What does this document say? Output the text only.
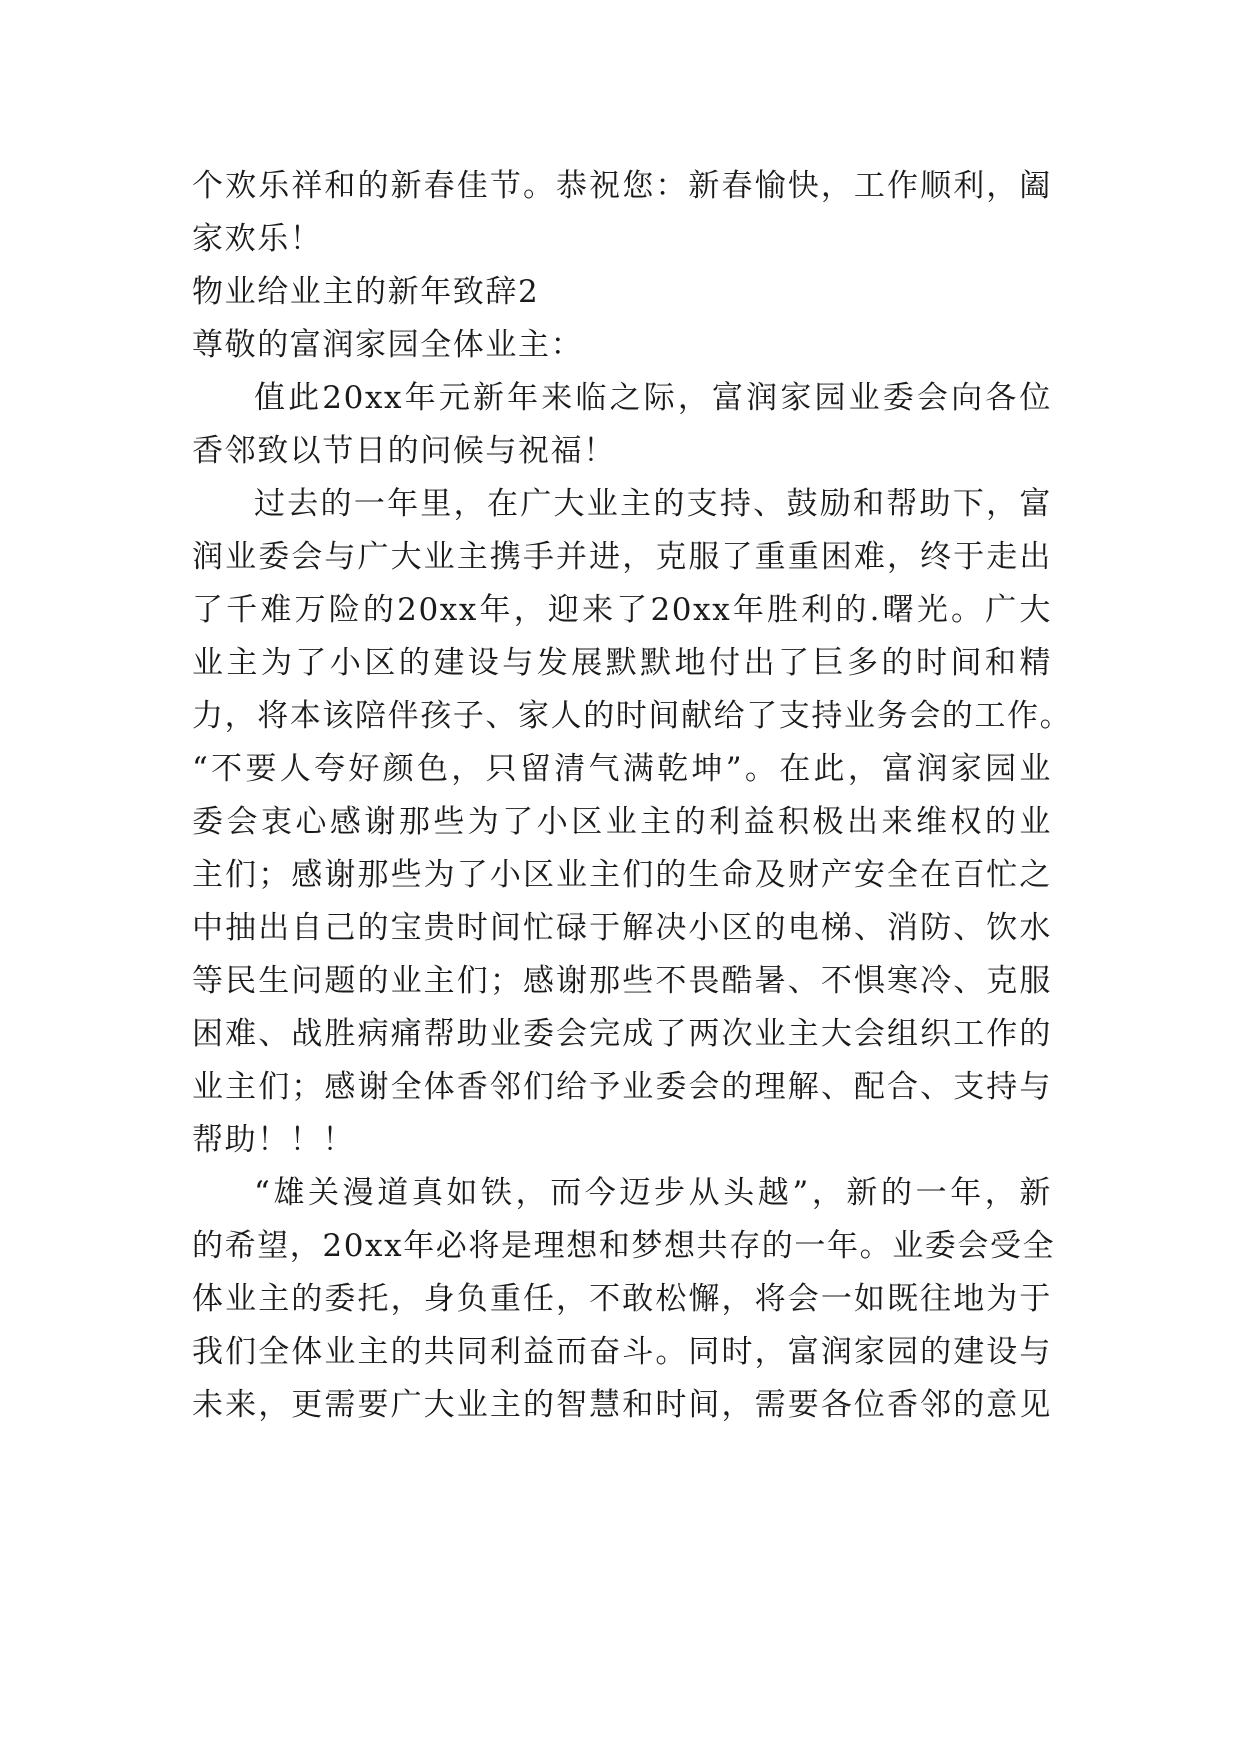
个欢乐祥和的新春佳节。恭祝您：新春愉快，工作顺利，阖
家欢乐！
物业给业主的新年致辞2
尊敬的富润家园全体业主：
值此20xx年元新年来临之际，富润家园业委会向各位
香邻致以节日的问候与祝福！
过去的一年里，在广大业主的支持、鼓励和帮助下，富
润业委会与广大业主携手并进，克服了重重困难，终于走出
了千难万险的20xx年，迎来了20xx年胜利的.曙光。广大
业主为了小区的建设与发展默默地付出了巨多的时间和精
力，将本该陪伴孩子、家人的时间献给了支持业务会的工作。
“不要人夸好颜色，只留清气满乾坤”。在此，富润家园业
委会衷心感谢那些为了小区业主的利益积极出来维权的业
主们；感谢那些为了小区业主们的生命及财产安全在百忙之
中抽出自己的宝贵时间忙碌于解决小区的电梯、消防、饮水
等民生问题的业主们；感谢那些不畏酷暑、不惧寒冷、克服
困难、战胜病痛帮助业委会完成了两次业主大会组织工作的
业主们；感谢全体香邻们给予业委会的理解、配合、支持与
帮助！！！
“雄关漫道真如铁，而今迈步从头越”，新的一年，新
的希望，20xx年必将是理想和梦想共存的一年。业委会受全
体业主的委托，身负重任，不敢松懈，将会一如既往地为于
我们全体业主的共同利益而奋斗。同时，富润家园的建设与
未来，更需要广大业主的智慧和时间，需要各位香邻的意见
